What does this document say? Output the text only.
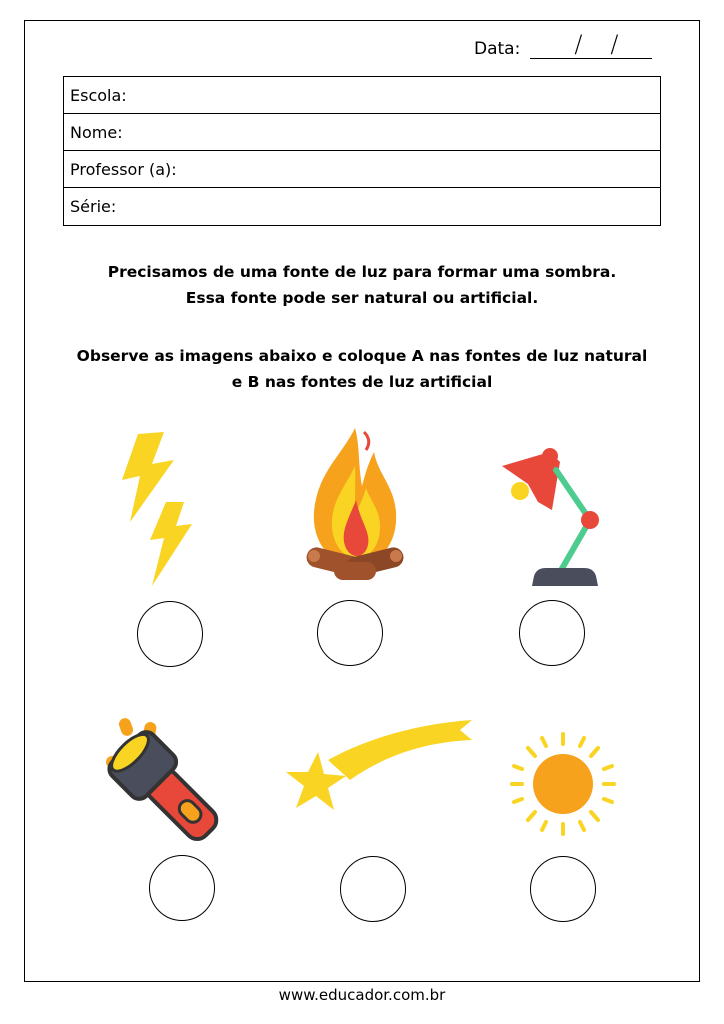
Data: / /
Escola:
Nome:
Professor (a):
Série:
Precisamos de uma fonte de luz para formar uma sombra.
Essa fonte pode ser natural ou artificial.
Observe as imagens abaixo e coloque A nas fontes de luz natural
e B nas fontes de luz artificial
www.educador.com.br
